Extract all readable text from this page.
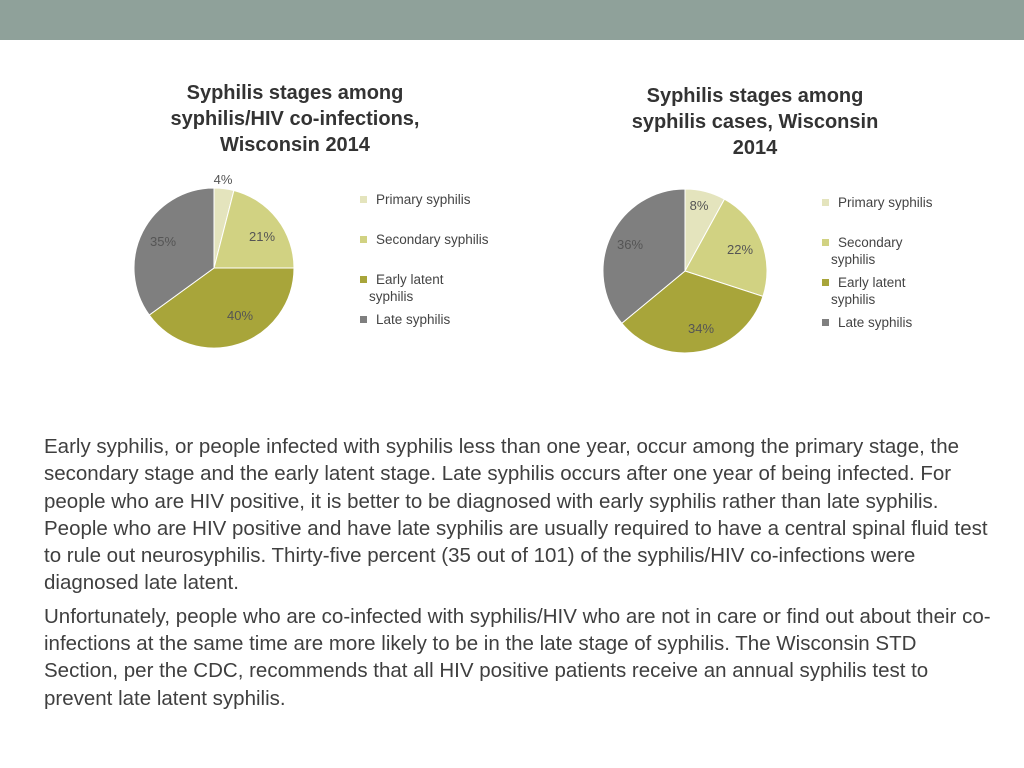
Syphilis stages among
syphilis/HIV co-infections,
Wisconsin 2014
4%
21%
40%
35%
Primary syphilis
Secondary syphilis
Early latent
syphilis
Late syphilis
Syphilis stages among
syphilis cases, Wisconsin
2014
8%
22%
34%
36%
Primary syphilis
Secondary
syphilis
Early latent
syphilis
Late syphilis

Early syphilis, or people infected with syphilis less than one year, occur among the primary stage, the secondary stage and the early latent stage. Late syphilis occurs after one year of being infected. For people who are HIV positive, it is better to be diagnosed with early syphilis rather than late syphilis. People who are HIV positive and have late syphilis are usually required to have a central spinal fluid test to rule out neurosyphilis. Thirty-five percent (35 out of 101) of the syphilis/HIV co-infections were diagnosed late latent.

Unfortunately, people who are co-infected with syphilis/HIV who are not in care or find out about their co-infections at the same time are more likely to be in the late stage of syphilis. The Wisconsin STD Section, per the CDC, recommends that all HIV positive patients receive an annual syphilis test to prevent late latent syphilis.
